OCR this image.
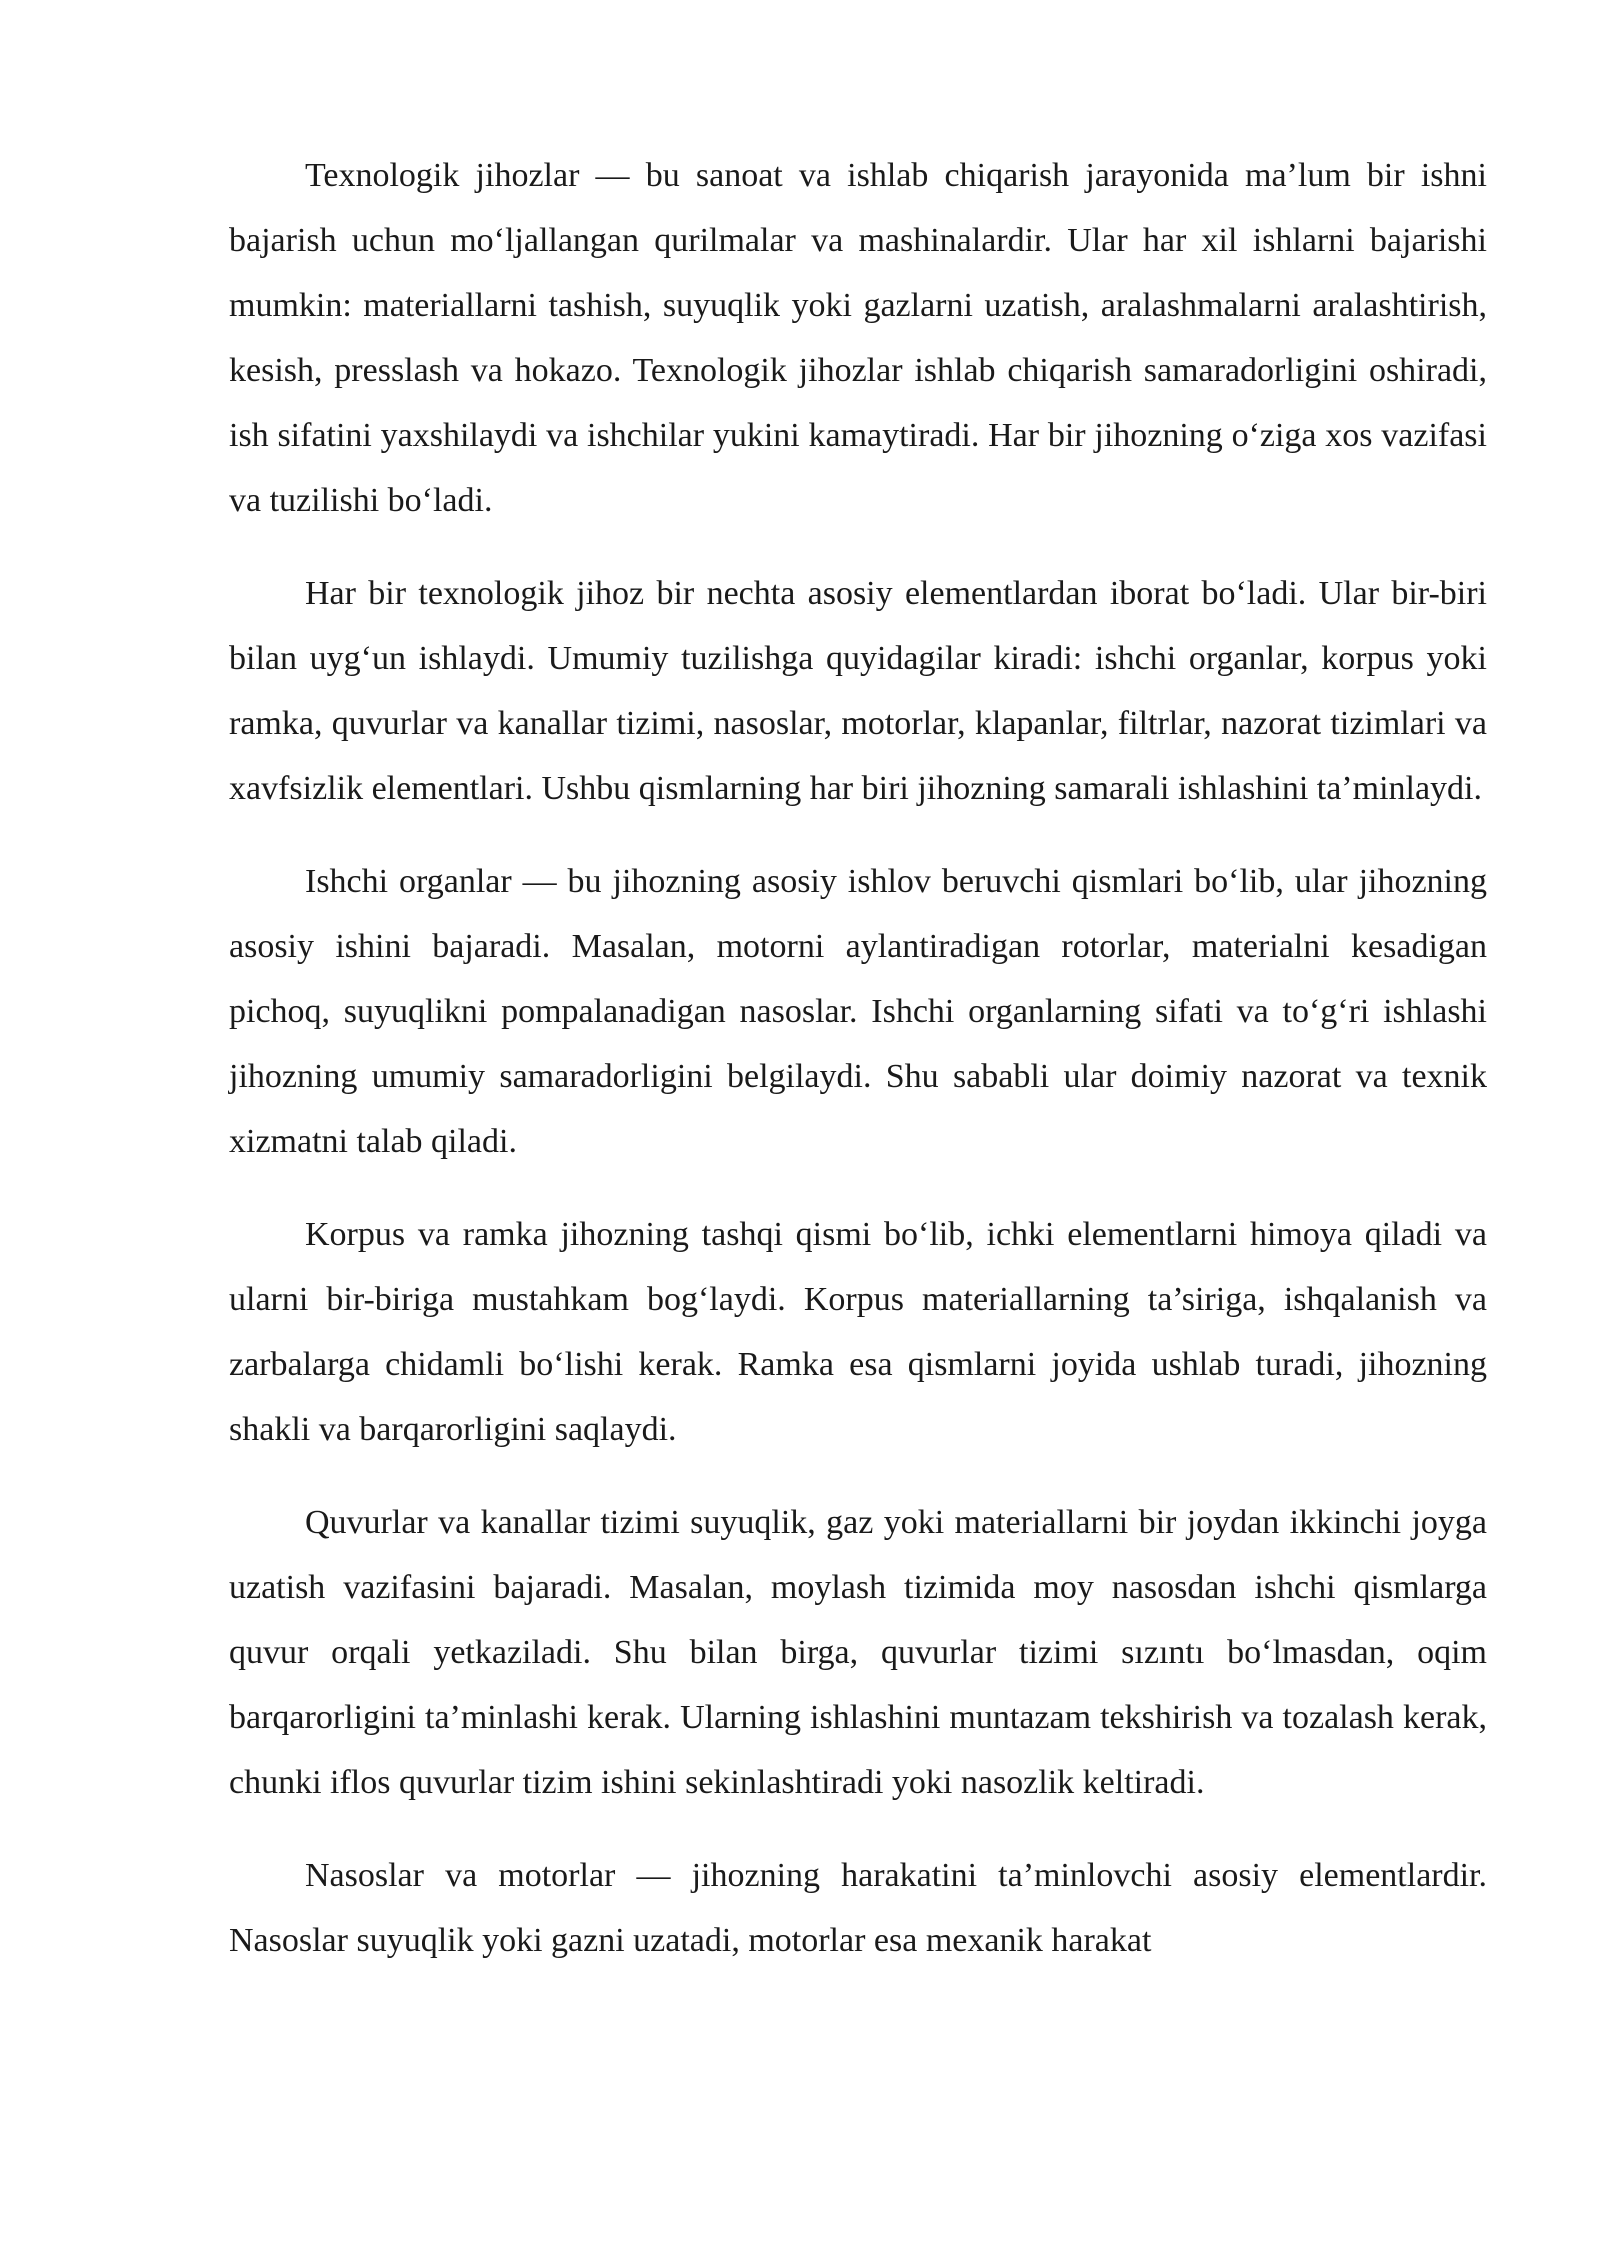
Texnologik jihozlar — bu sanoat va ishlab chiqarish jarayonida ma’lum bir ishni bajarish uchun mo‘ljallangan qurilmalar va mashinalardir. Ular har xil ishlarni bajarishi mumkin: materiallarni tashish, suyuqlik yoki gazlarni uzatish, aralashmalarni aralashtirish, kesish, presslash va hokazo. Texnologik jihozlar ishlab chiqarish samaradorligini oshiradi, ish sifatini yaxshilaydi va ishchilar yukini kamaytiradi. Har bir jihozning o‘ziga xos vazifasi va tuzilishi bo‘ladi.

Har bir texnologik jihoz bir nechta asosiy elementlardan iborat bo‘ladi. Ular bir-biri bilan uyg‘un ishlaydi. Umumiy tuzilishga quyidagilar kiradi: ishchi organlar, korpus yoki ramka, quvurlar va kanallar tizimi, nasoslar, motorlar, klapanlar, filtrlar, nazorat tizimlari va xavfsizlik elementlari. Ushbu qismlarning har biri jihozning samarali ishlashini ta’minlaydi.

Ishchi organlar — bu jihozning asosiy ishlov beruvchi qismlari bo‘lib, ular jihozning asosiy ishini bajaradi. Masalan, motorni aylantiradigan rotorlar, materialni kesadigan pichoq, suyuqlikni pompalanadigan nasoslar. Ishchi organlarning sifati va to‘g‘ri ishlashi jihozning umumiy samaradorligini belgilaydi. Shu sababli ular doimiy nazorat va texnik xizmatni talab qiladi.

Korpus va ramka jihozning tashqi qismi bo‘lib, ichki elementlarni himoya qiladi va ularni bir-biriga mustahkam bog‘laydi. Korpus materiallarning ta’siriga, ishqalanish va zarbalarga chidamli bo‘lishi kerak. Ramka esa qismlarni joyida ushlab turadi, jihozning shakli va barqarorligini saqlaydi.

Quvurlar va kanallar tizimi suyuqlik, gaz yoki materiallarni bir joydan ikkinchi joyga uzatish vazifasini bajaradi. Masalan, moylash tizimida moy nasosdan ishchi qismlarga quvur orqali yetkaziladi. Shu bilan birga, quvurlar tizimi sızıntı bo‘lmasdan, oqim barqarorligini ta’minlashi kerak. Ularning ishlashini muntazam tekshirish va tozalash kerak, chunki iflos quvurlar tizim ishini sekinlashtiradi yoki nasozlik keltiradi.

Nasoslar va motorlar — jihozning harakatini ta’minlovchi asosiy elementlardir. Nasoslar suyuqlik yoki gazni uzatadi, motorlar esa mexanik harakat
